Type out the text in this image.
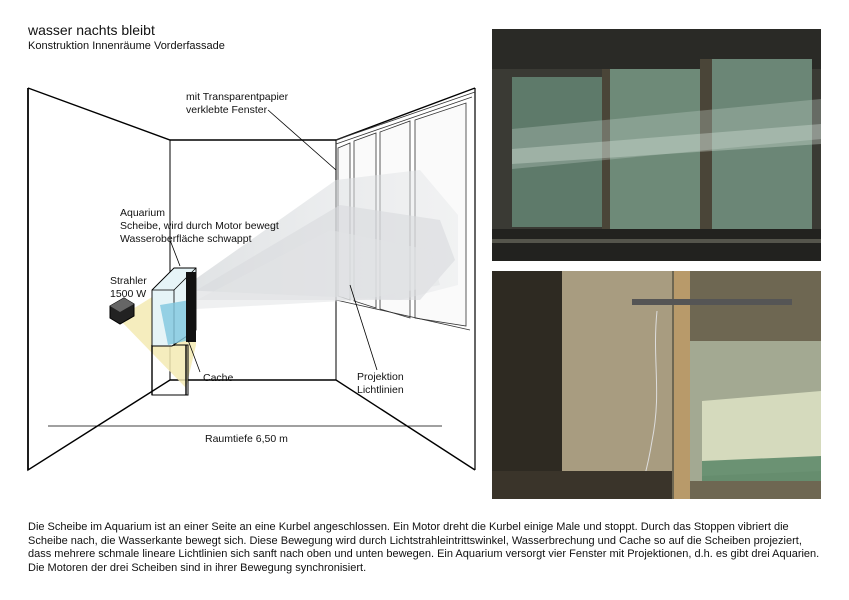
wasser nachts bleibt
Konstruktion Innenräume Vorderfassade
mit Transparentpapier
verklebte Fenster
Aquarium
Scheibe, wird durch Motor bewegt
Wasseroberfläche schwappt
Strahler
1500 W
Cache	Projektion
Lichtlinien
Raumtiefe 6,50 m
Die Scheibe im Aquarium ist an einer Seite an eine Kurbel angeschlossen. Ein Motor dreht die Kurbel einige Male und stoppt. Durch das Stoppen vibriert die Scheibe nach, die Wasserkante bewegt sich. Diese Bewegung wird durch Lichtstrahleintrittswinkel, Wasserbrechung und Cache so auf die Scheiben projeziert, dass mehrere schmale lineare Lichtlinien sich sanft nach oben und unten bewegen. Ein Aquarium versorgt vier Fenster mit Projektionen, d.h. es gibt drei Aquarien. Die Motoren der drei Scheiben sind in ihrer Bewegung synchronisiert.
